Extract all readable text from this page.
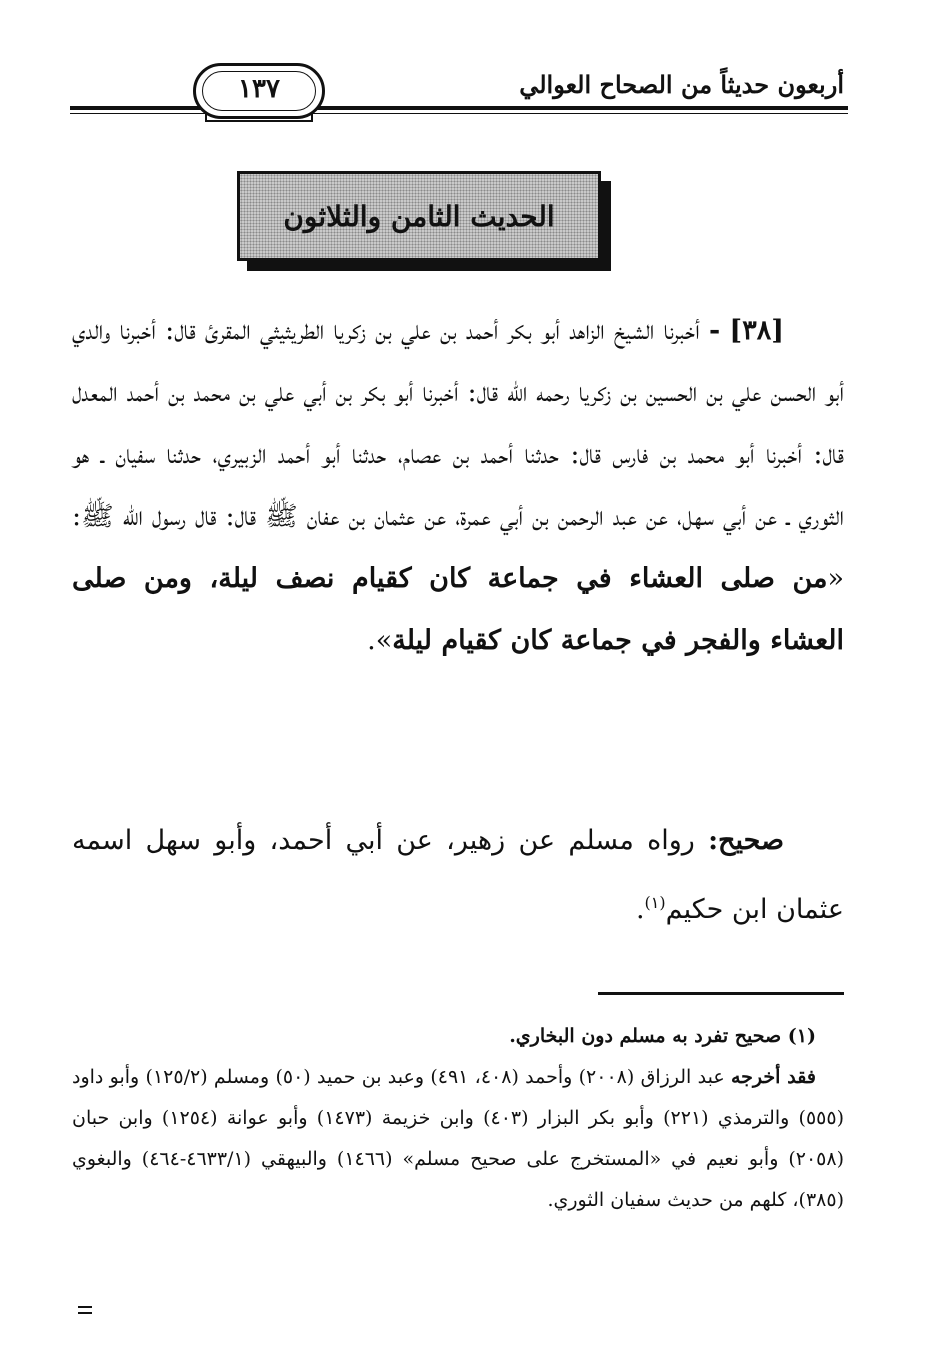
أربعون حديثاً من الصحاح العوالي
١٣٧
الحديث الثامن والثلاثون
[٣٨] - أخبرنا الشيخ الزاهد أبو بكر أحمد بن علي بن زكريا الطريثيثي المقرئ قال: أخبرنا والدي أبو الحسن علي بن الحسين بن زكريا رحمه الله قال: أخبرنا أبو بكر بن أبي علي بن محمد بن أحمد المعدل قال: أخبرنا أبو محمد بن فارس قال: حدثنا أحمد بن عصام، حدثنا أبو أحمد الزبيري، حدثنا سفيان ـ هو الثوري ـ عن أبي سهل، عن عبد الرحمن بن أبي عمرة، عن عثمان بن عفان ﷺ قال: قال رسول الله ﷺ: «من صلى العشاء في جماعة كان كقيام نصف ليلة، ومن صلى العشاء والفجر في جماعة كان كقيام ليلة».
صحيح: رواه مسلم عن زهير، عن أبي أحمد، وأبو سهل اسمه عثمان ابن حكيم$^{(١)}$.
(١) صحيح تفرد به مسلم دون البخاري.
فقد أخرجه عبد الرزاق (٢٠٠٨) وأحمد (٤٠٨، ٤٩١) وعبد بن حميد (٥٠) ومسلم (١٢٥/٢) وأبو داود (٥٥٥) والترمذي (٢٢١) وأبو بكر البزار (٤٠٣) وابن خزيمة (١٤٧٣) وأبو عوانة (١٢٥٤) وابن حبان (٢٠٥٨) وأبو نعيم في «المستخرج على صحيح مسلم» (١٤٦٦) والبيهقي (٤٦٣٣/١-٤٦٤) والبغوي (٣٨٥)، كلهم من حديث سفيان الثوري.
